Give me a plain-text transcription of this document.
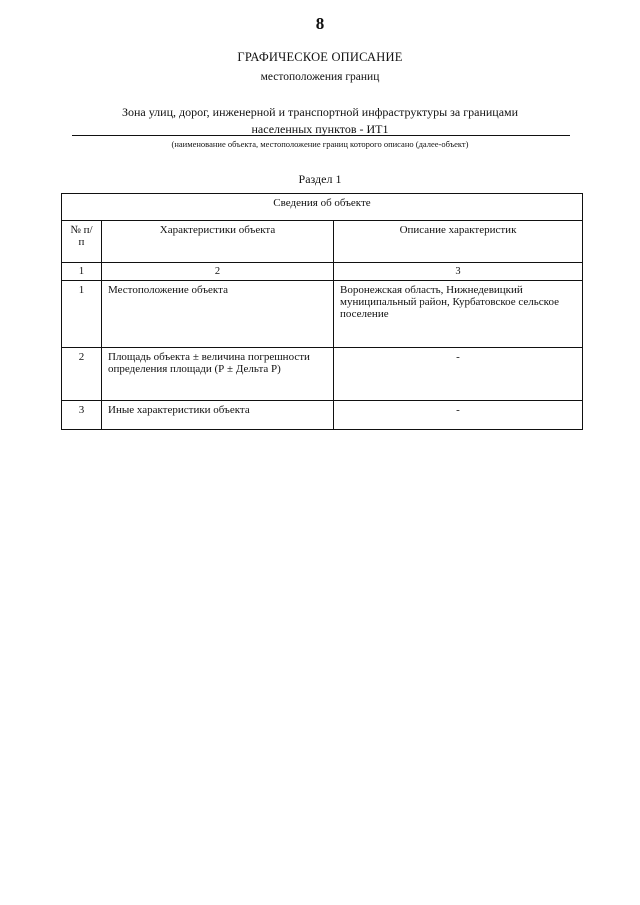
8
ГРАФИЧЕСКОЕ ОПИСАНИЕ
местоположения границ
Зона улиц, дорог, инженерной и транспортной инфраструктуры за границами
населенных пунктов - ИТ1
(наименование объекта, местоположение границ которого описано (далее-объект)
Раздел 1
Сведения об объекте		
№ п/п	Характеристики объекта	Описание характеристик
1	2	3
1	Местоположение объекта	Воронежская область, Нижнедевицкий муниципальный район, Курбатовское сельское поселение
2	Площадь объекта ± величина погрешности определения площади (Р ± Дельта Р)	-
3	Иные характеристики объекта	-
